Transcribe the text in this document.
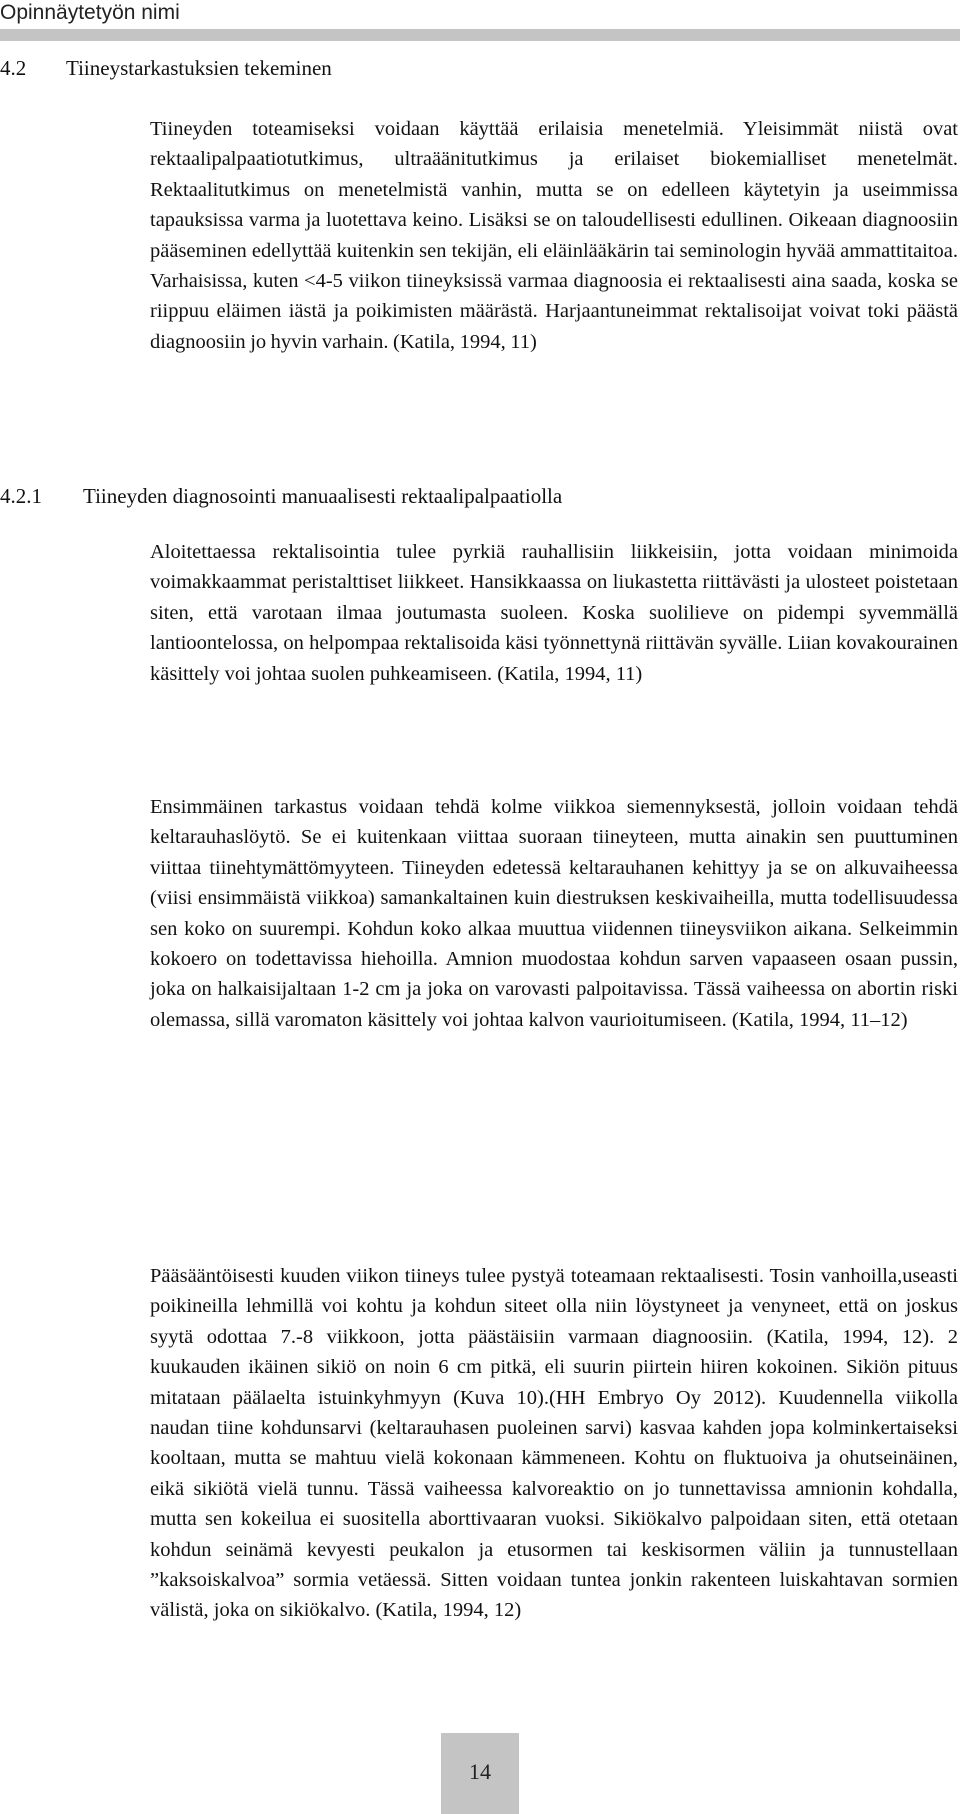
Opinnäytetyön nimi
4.2 Tiineystarkastuksien tekeminen
Tiineyden toteamiseksi voidaan käyttää erilaisia menetelmiä. Yleisimmät niistä ovat rektaalipalpaatiotutkimus, ultraäänitutkimus ja erilaiset biokemialliset menetelmät. Rektaalitutkimus on menetelmistä vanhin, mutta se on edelleen käytetyin ja useimmissa tapauksissa varma ja luotettava keino. Lisäksi se on taloudellisesti edullinen. Oikeaan diagnoosiin pääseminen edellyttää kuitenkin sen tekijän, eli eläinlääkärin tai seminologin hyvää ammattitaitoa. Varhaisissa, kuten <4-5 viikon tiineyksissä varmaa diagnoosia ei rektaalisesti aina saada, koska se riippuu eläimen iästä ja poikimisten määrästä. Harjaantuneimmat rektalisoijat voivat toki päästä diagnoosiin jo hyvin varhain. (Katila, 1994, 11)
4.2.1 Tiineyden diagnosointi manuaalisesti rektaalipalpaatiolla
Aloitettaessa rektalisointia tulee pyrkiä rauhallisiin liikkeisiin, jotta voidaan minimoida voimakkaammat peristalttiset liikkeet. Hansikkaassa on liukastetta riittävästi ja ulosteet poistetaan siten, että varotaan ilmaa joutumasta suoleen. Koska suolilieve on pidempi syvemmällä lantioontelossa, on helpompaa rektalisoida käsi työnnettynä riittävän syvälle. Liian kovakourainen käsittely voi johtaa suolen puhkeamiseen. (Katila, 1994, 11)
Ensimmäinen tarkastus voidaan tehdä kolme viikkoa siemennyksestä, jolloin voidaan tehdä keltarauhaslöytö. Se ei kuitenkaan viittaa suoraan tiineyteen, mutta ainakin sen puuttuminen viittaa tiinehtymättömyyteen. Tiineyden edetessä keltarauhanen kehittyy ja se on alkuvaiheessa (viisi ensimmäistä viikkoa) samankaltainen kuin diestruksen keskivaiheilla, mutta todellisuudessa sen koko on suurempi. Kohdun koko alkaa muuttua viidennen tiineysviikon aikana. Selkeimmin kokoero on todettavissa hiehoilla. Amnion muodostaa kohdun sarven vapaaseen osaan pussin, joka on halkaisijaltaan 1-2 cm ja joka on varovasti palpoitavissa. Tässä vaiheessa on abortin riski olemassa, sillä varomaton käsittely voi johtaa kalvon vaurioitumiseen. (Katila, 1994, 11–12)
Pääsääntöisesti kuuden viikon tiineys tulee pystyä toteamaan rektaalisesti. Tosin vanhoilla,useasti poikineilla lehmillä voi kohtu ja kohdun siteet olla niin löystyneet ja venyneet, että on joskus syytä odottaa 7.-8 viikkoon, jotta päästäisiin varmaan diagnoosiin. (Katila, 1994, 12). 2 kuukauden ikäinen sikiö on noin 6 cm pitkä, eli suurin piirtein hiiren kokoinen. Sikiön pituus mitataan päälaelta istuinkyhmyyn (Kuva 10).(HH Embryo Oy 2012). Kuudennella viikolla naudan tiine kohdunsarvi (keltarauhasen puoleinen sarvi) kasvaa kahden jopa kolminkertaiseksi kooltaan, mutta se mahtuu vielä kokonaan kämmeneen. Kohtu on fluktuoiva ja ohutseinäinen, eikä sikiötä vielä tunnu. Tässä vaiheessa kalvoreaktio on jo tunnettavissa amnionin kohdalla, mutta sen kokeilua ei suositella aborttivaaran vuoksi. Sikiökalvo palpoidaan siten, että otetaan kohdun seinämä kevyesti peukalon ja etusormen tai keskisormen väliin ja tunnustellaan ”kaksoiskalvoa” sormia vetäessä. Sitten voidaan tuntea jonkin rakenteen luiskahtavan sormien välistä, joka on sikiökalvo. (Katila, 1994, 12)
14
